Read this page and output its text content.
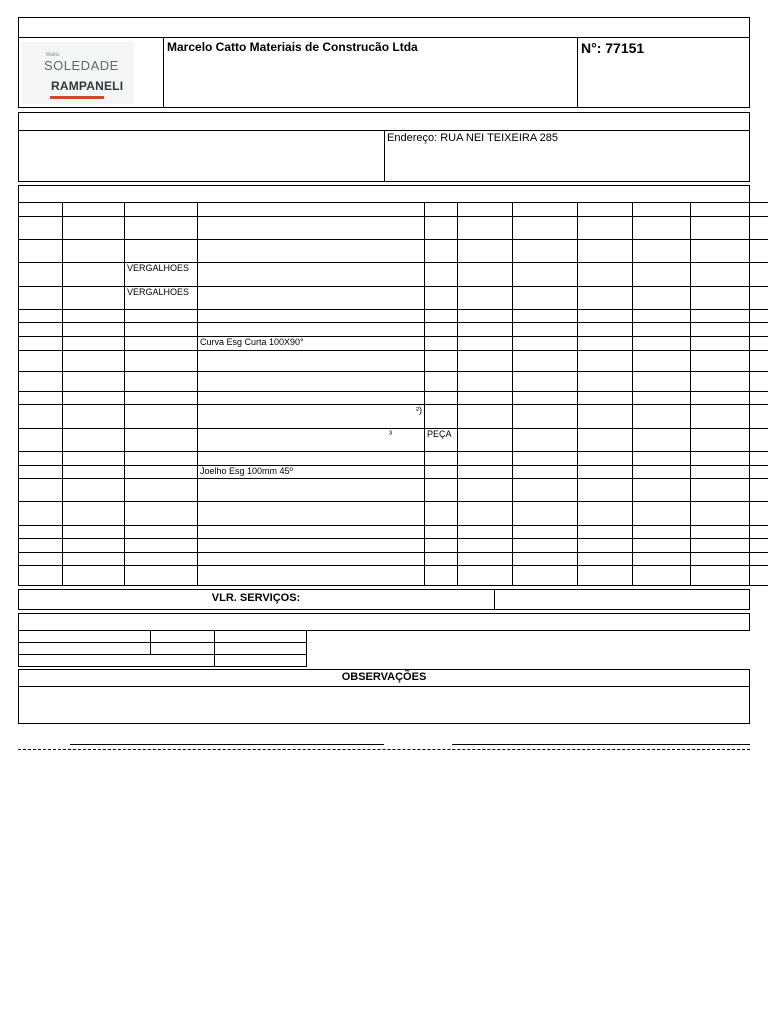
Matriz
SOLEDADE
RAMPANELI
Marcelo Catto Materiais de Construcão Ltda	N°: 77151
Endereço: RUA NEI TEIXEIRA 285

		VERGALHOES								
		VERGALHOES								

			Curva Esg Curta 100X90°							

			²)							
			³	PEÇA						

			Joelho Esg 100mm 45º							

VLR. SERVIÇOS:

OBSERVAÇÕES
